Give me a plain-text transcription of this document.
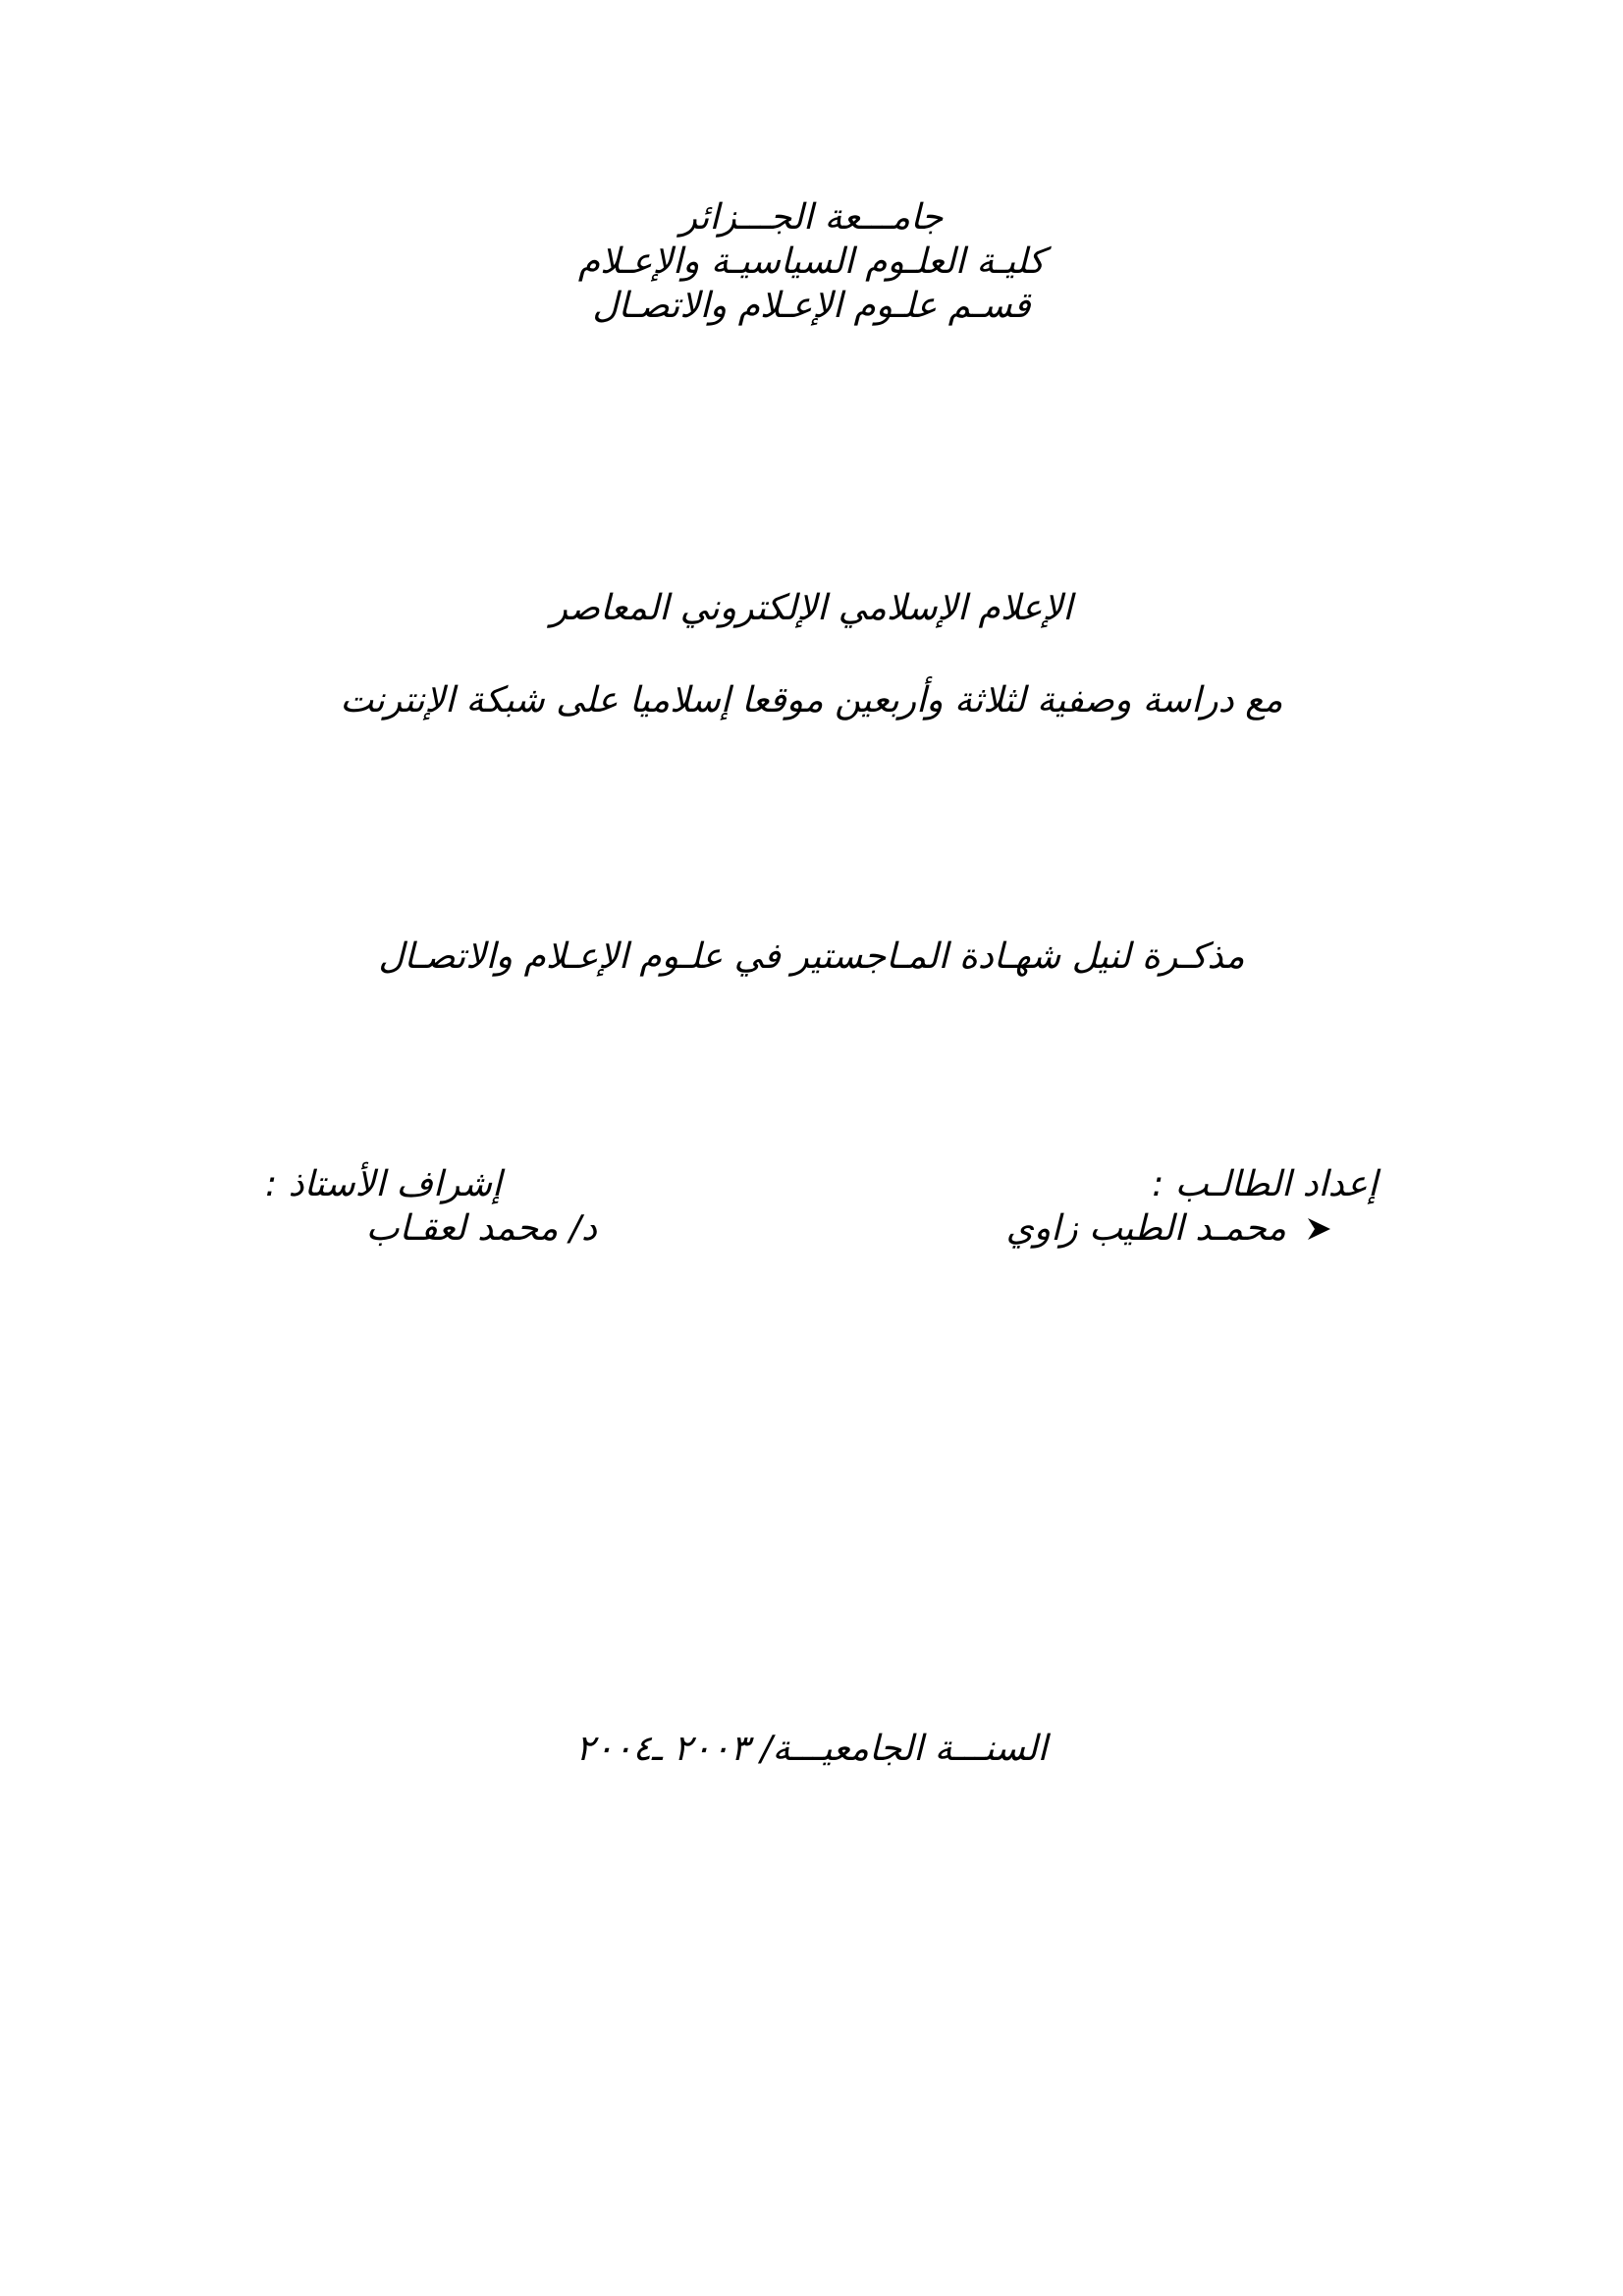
جامـــعة الجـــزائر

كليـة العلـوم السياسيـة والإعـلام

قسـم علـوم الإعـلام والاتصـال

الإعلام الإسلامي الإلكتروني المعاصر

مع دراسة وصفية لثلاثة وأربعين موقعا إسلاميا على شبكة الإنترنت

مذكـرة لنيل شهـادة المـاجستير في علـوم الإعـلام والاتصـال

إعداد الطالـب :

محمـد الطيب زاوي

إشراف الأستاذ :

د/ محمد لعقـاب

السنـــة الجامعيـــة/ ٢٠٠٣ ـ٢٠٠٤
